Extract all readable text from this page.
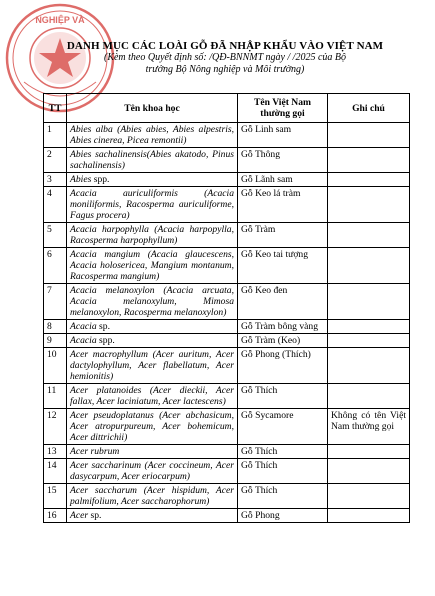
NGHIỆP VÀ
DANH MỤC CÁC LOÀI GỖ ĐÃ NHẬP KHẨU VÀO VIỆT NAM
(Kèm theo Quyết định số: /QĐ-BNNMT ngày / /2025 của Bộ
trưởng Bộ Nông nghiệp và Môi trường)
TT	Tên khoa học	Tên Việt Nam thường gọi	Ghi chú
1	Abies alba (Abies abies, Abies alpestris, Abies cinerea, Picea remontii)	Gỗ Linh sam	
2	Abies sachalinensis(Abies akatodo, Pinus sachalinensis)	Gỗ Thông	
3	Abies spp.	Gỗ Lãnh sam	
4	Acacia auriculiformis (Acacia moniliformis, Racosperma auriculiforme, Fagus procera)	Gỗ Keo lá tràm	
5	Acacia harpophylla (Acacia harpopylla, Racosperma harpophyllum)	Gỗ Tràm	
6	Acacia mangium (Acacia glaucescens, Acacia holosericea, Mangium montanum, Racosperma mangium)	Gỗ Keo tai tượng	
7	Acacia melanoxylon (Acacia arcuata, Acacia melanoxylum, Mimosa melanoxylon, Racosperma melanoxylon)	Gỗ Keo đen	
8	Acacia sp.	Gỗ Tràm bông vàng	
9	Acacia spp.	Gỗ Tràm (Keo)	
10	Acer macrophyllum (Acer auritum, Acer dactylophyllum, Acer flabellatum, Acer hemionitis)	Gỗ Phong (Thích)	
11	Acer platanoides (Acer dieckii, Acer fallax, Acer laciniatum, Acer lactescens)	Gỗ Thích	
12	Acer pseudoplatanus (Acer abchasicum, Acer atropurpureum, Acer bohemicum, Acer dittrichii)	Gỗ Sycamore	Không có tên Việt Nam thường gọi
13	Acer rubrum	Gỗ Thích	
14	Acer saccharinum (Acer coccineum, Acer dasycarpum, Acer eriocarpum)	Gỗ Thích	
15	Acer saccharum (Acer hispidum, Acer palmifolium, Acer saccharophorum)	Gỗ Thích	
16	Acer sp.	Gỗ Phong	
